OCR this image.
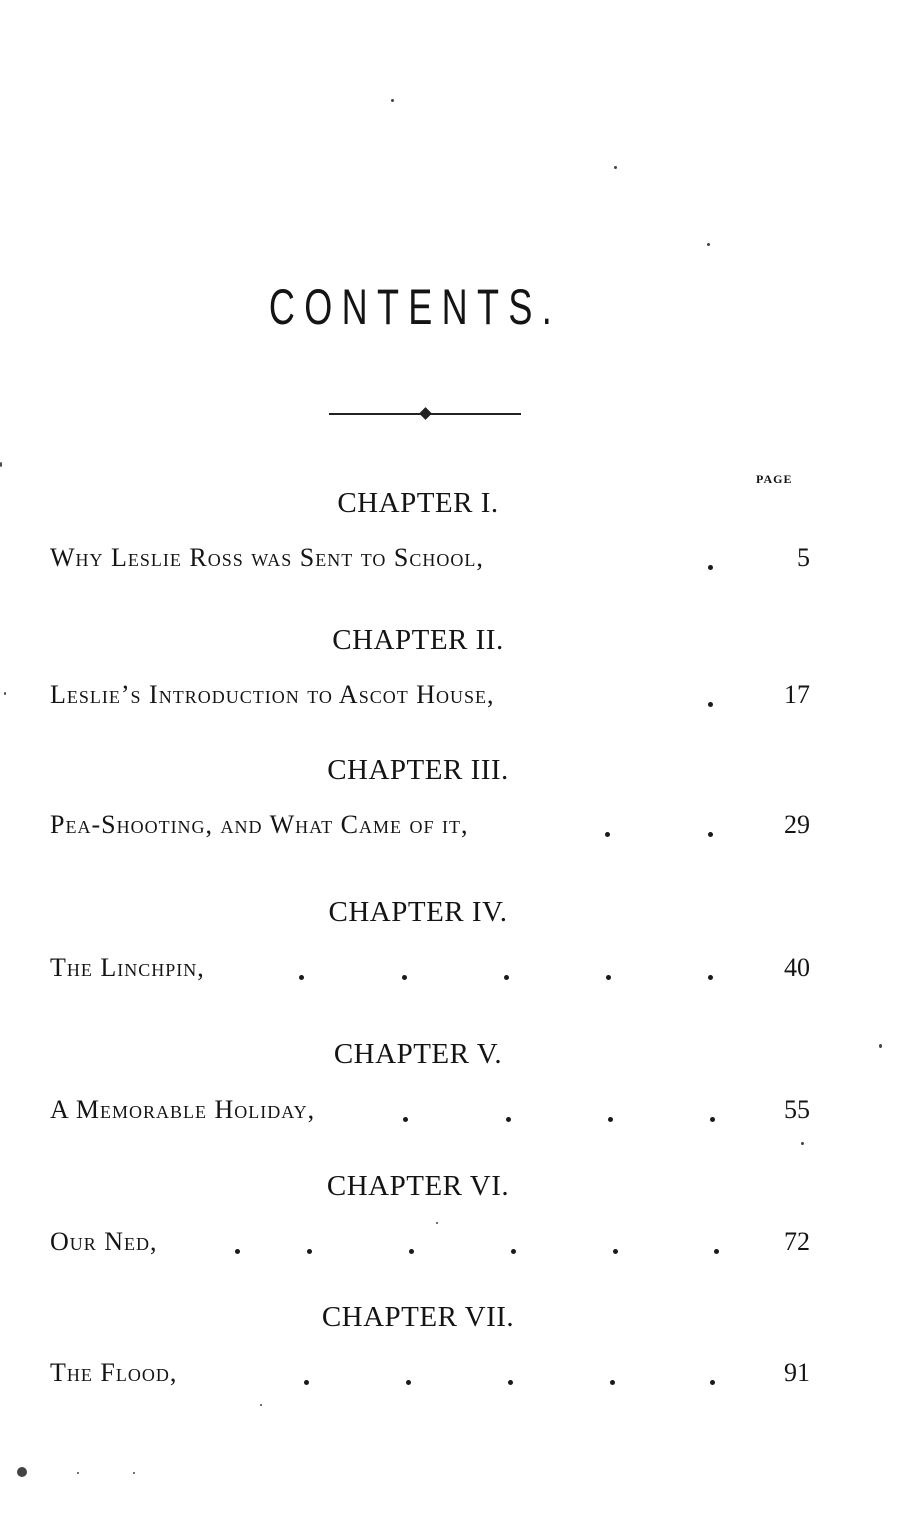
CONTENTS.
PAGE
CHAPTER I.
Why Leslie Ross was Sent to School,	5
CHAPTER II.
Leslie’s Introduction to Ascot House,	17
CHAPTER III.
Pea-Shooting, and What Came of it,	29
CHAPTER IV.
The Linchpin,	40
CHAPTER V.
A Memorable Holiday,	55
CHAPTER VI.
Our Ned,	72
CHAPTER VII.
The Flood,	91
